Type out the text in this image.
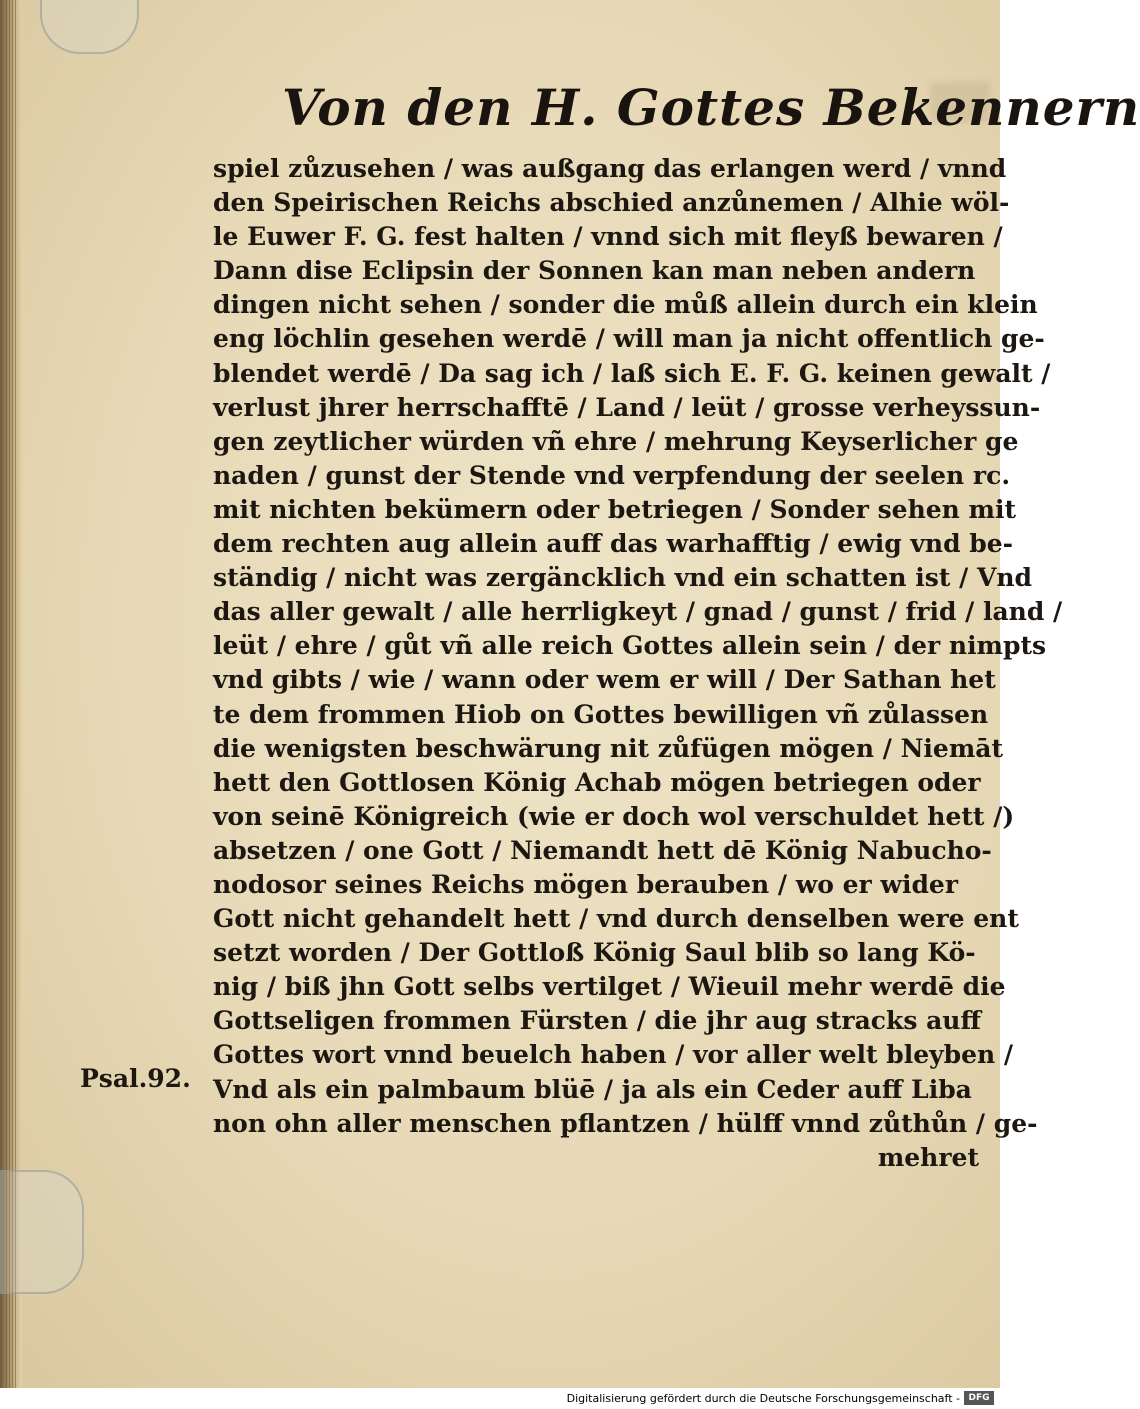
Von den H. Gottes Bekennern
spiel zůzusehen / was außgang das erlangen werd / vnnd
den Speirischen Reichs abschied anzůnemen / Alhie wöl-
le Euwer F. G. fest halten / vnnd sich mit fleyß bewaren /
Dann dise Eclipsin der Sonnen kan man neben andern
dingen nicht sehen / sonder die můß allein durch ein klein
eng löchlin gesehen werdē / will man ja nicht offentlich ge-
blendet werdē / Da sag ich / laß sich E. F. G. keinen gewalt /
verlust jhrer herrschafftē / Land / leüt / grosse verheyssun-
gen zeytlicher würden vñ ehre / mehrung Keyserlicher ge
naden / gunst der Stende vnd verpfendung der seelen rc.
mit nichten bekümern oder betriegen / Sonder sehen mit
dem rechten aug allein auff das warhafftig / ewig vnd be-
ständig / nicht was zergäncklich vnd ein schatten ist / Vnd
das aller gewalt / alle herrligkeyt / gnad / gunst / frid / land /
leüt / ehre / gůt vñ alle reich Gottes allein sein / der nimpts
vnd gibts / wie / wann oder wem er will / Der Sathan het
te dem frommen Hiob on Gottes bewilligen vñ zůlassen
die wenigsten beschwärung nit zůfügen mögen / Niemāt
hett den Gottlosen König Achab mögen betriegen oder
von seinē Königreich (wie er doch wol verschuldet hett /)
absetzen / one Gott / Niemandt hett dē König Nabucho-
nodosor seines Reichs mögen berauben / wo er wider
Gott nicht gehandelt hett / vnd durch denselben were ent
setzt worden / Der Gottloß König Saul blib so lang Kö-
nig / biß jhn Gott selbs vertilget / Wieuil mehr werdē die
Gottseligen frommen Fürsten / die jhr aug stracks auff
Gottes wort vnnd beuelch haben / vor aller welt bleyben /
Vnd als ein palmbaum blüē / ja als ein Ceder auff Liba
non ohn aller menschen pflantzen / hülff vnnd zůthůn / ge-
mehret
Psal.92.
Digitalisierung gefördert durch die Deutsche Forschungsgemeinschaft - DFG
